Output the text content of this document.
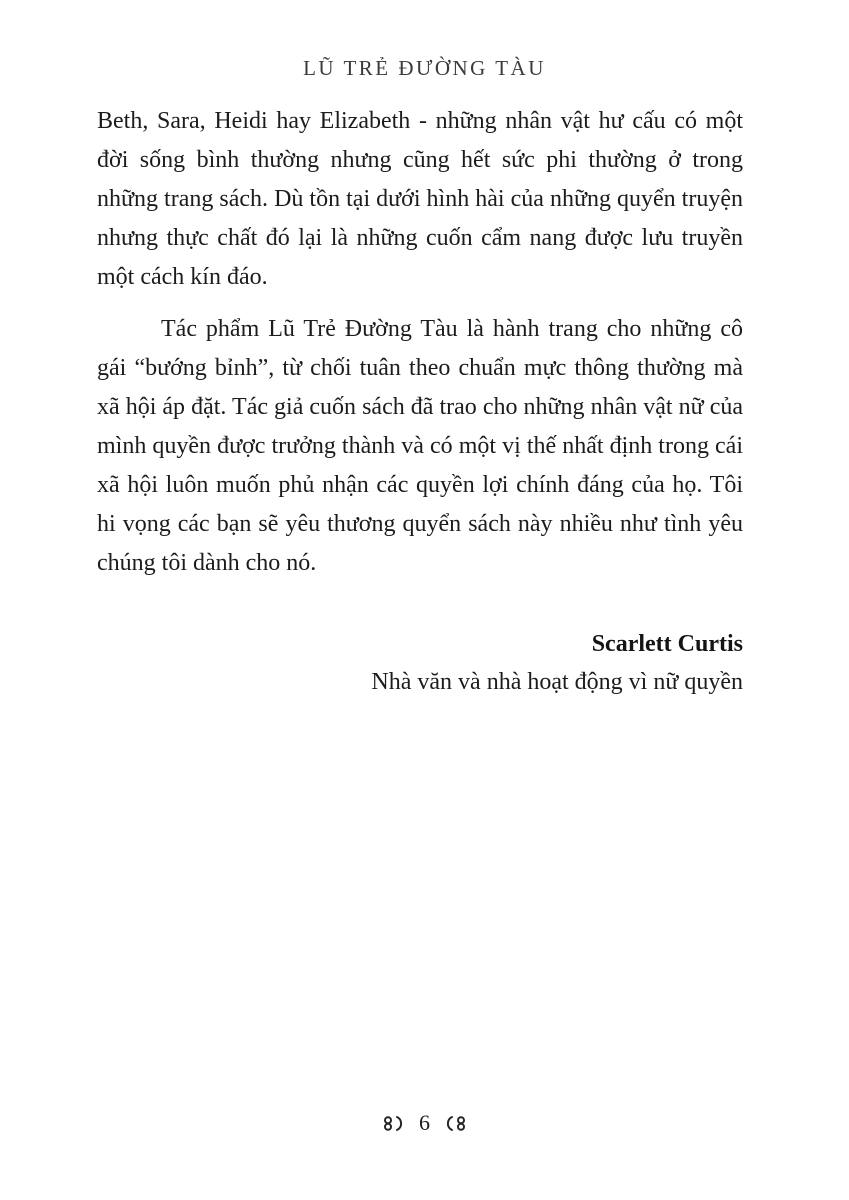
LŨ TRẺ ĐƯỜNG TÀU

Beth, Sara, Heidi hay Elizabeth - những nhân vật hư cấu có một đời sống bình thường nhưng cũng hết sức phi thường ở trong những trang sách. Dù tồn tại dưới hình hài của những quyển truyện nhưng thực chất đó lại là những cuốn cẩm nang được lưu truyền một cách kín đáo.

Tác phẩm Lũ Trẻ Đường Tàu là hành trang cho những cô gái “bướng bỉnh”, từ chối tuân theo chuẩn mực thông thường mà xã hội áp đặt. Tác giả cuốn sách đã trao cho những nhân vật nữ của mình quyền được trưởng thành và có một vị thế nhất định trong cái xã hội luôn muốn phủ nhận các quyền lợi chính đáng của họ. Tôi hi vọng các bạn sẽ yêu thương quyển sách này nhiều như tình yêu chúng tôi dành cho nó.

Scarlett Curtis
Nhà văn và nhà hoạt động vì nữ quyền
6
